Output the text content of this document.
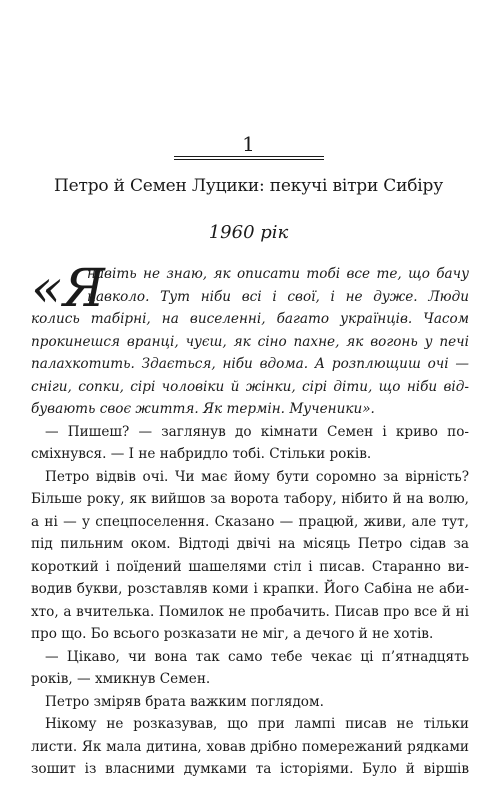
1
Петро й Семен Луцики: пекучі вітри Сибіру
1960 рік
«Я
навіть не знаю, як описати тобі все те, що бачу
навколо. Тут ніби всі і свої, і не дуже. Люди
колись табірні, на виселенні, багато українців. Часом
прокинешся вранці, чуєш, як сіно пахне, як вогонь у печі
палахкотить. Здається, ніби вдома. А розплющиш очі —
сніги, сопки, сірі чоловіки й жінки, сірі діти, що ніби від-
бувають своє життя. Як термін. Мученики».
— Пишеш? — заглянув до кімнати Семен і криво по-
сміхнувся. — І не набридло тобі. Стільки років.
Петро відвів очі. Чи має йому бути соромно за вірність?
Більше року, як вийшов за ворота табору, нібито й на волю,
а ні — у спецпоселення. Сказано — працюй, живи, але тут,
під пильним оком. Відтоді двічі на місяць Петро сідав за
короткий і поїдений шашелями стіл і писав. Старанно ви-
водив букви, розставляв коми і крапки. Його Сабіна не аби-
хто, а вчителька. Помилок не пробачить. Писав про все й ні
про що. Бо всього розказати не міг, а дечого й не хотів.
— Цікаво, чи вона так само тебе чекає ці п’ятнадцять
років, — хмикнув Семен.
Петро зміряв брата важким поглядом.
Нікому не розказував, що при лампі писав не тільки
листи. Як мала дитина, ховав дрібно помережаний рядками
зошит із власними думками та історіями. Було й віршів
